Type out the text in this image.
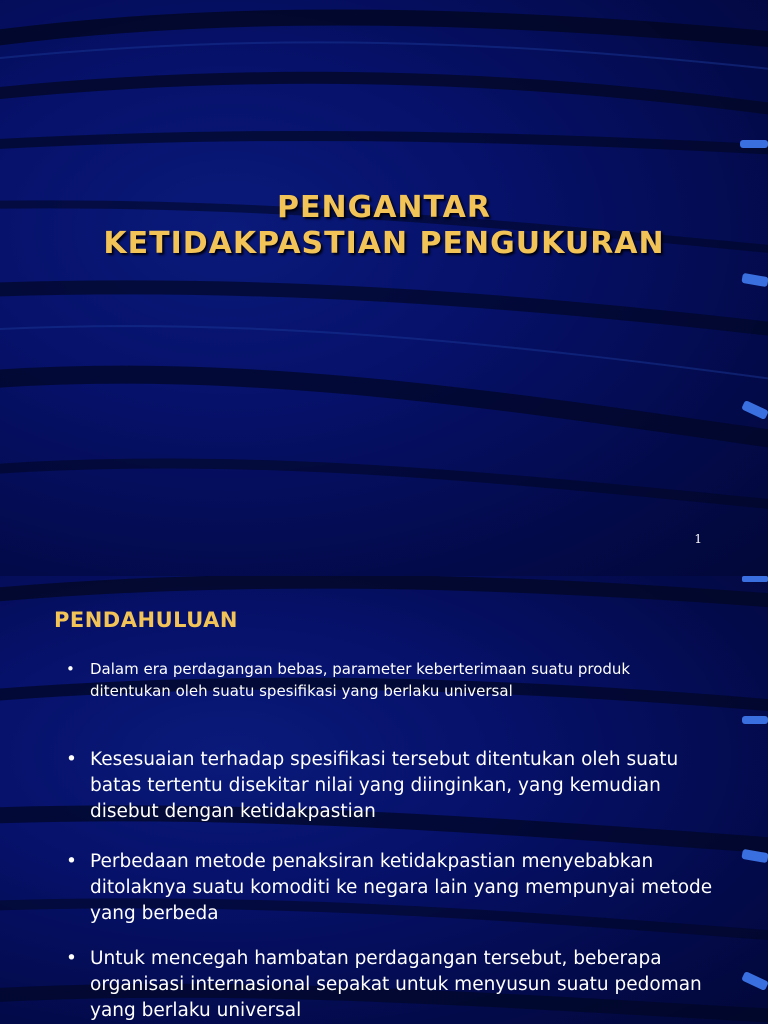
PENGANTAR
KETIDAKPASTIAN PENGUKURAN
1
PENDAHULUAN
•	Dalam era perdagangan bebas, parameter keberterimaan suatu produk ditentukan oleh suatu spesifikasi yang berlaku universal
• Kesesuaian terhadap spesifikasi tersebut ditentukan oleh suatu batas tertentu disekitar nilai yang diinginkan, yang kemudian disebut dengan ketidakpastian
• Perbedaan metode penaksiran ketidakpastian menyebabkan ditolaknya suatu komoditi ke negara lain yang mempunyai metode yang berbeda
• Untuk mencegah hambatan perdagangan tersebut, beberapa organisasi internasional sepakat untuk menyusun suatu pedoman yang berlaku universal
